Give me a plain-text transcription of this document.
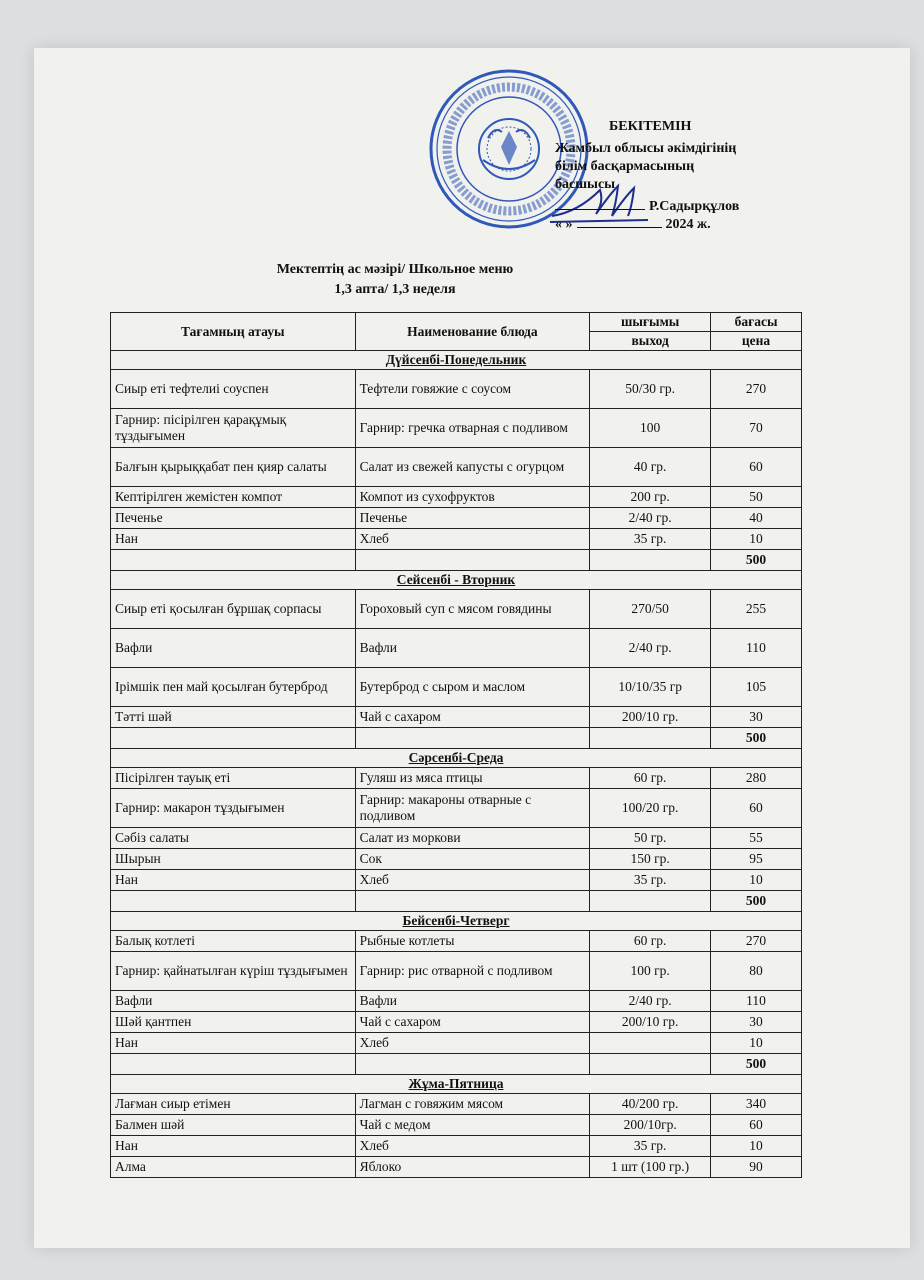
БЕКІТЕМІН
Жамбыл облысы әкімдігінің
білім басқармасының
басшысы
Р.Садырқұлов
« »	2024 ж.
Мектептің ас мәзірі/ Школьное меню
1,3 апта/ 1,3 неделя
Тағамның атауы	Наименование блюда	шығымы	бағасы
		выход	цена
Дүйсенбі-Понедельник			
Сиыр еті тефтелиі соуспен	Тефтели говяжие с соусом	50/30 гр.	270
Гарнир: пісірілген қарақұмық тұздығымен	Гарнир: гречка отварная с подливом	100	70
Балғын қырыққабат пен қияр салаты	Салат из свежей капусты с огурцом	40 гр.	60
Кептірілген жемістен компот	Компот из сухофруктов	200 гр.	50
Печенье	Печенье	2/40 гр.	40
Нан	Хлеб	35 гр.	10
			500
Сейсенбі - Вторник			
Сиыр еті қосылған бұршақ сорпасы	Гороховый суп с мясом говядины	270/50	255
Вафли	Вафли	2/40 гр.	110
Ірімшік пен май қосылған бутерброд	Бутерброд с сыром и маслом	10/10/35 гр	105
Тәтті шәй	Чай с сахаром	200/10 гр.	30
			500
Сәрсенбі-Среда			
Пісірілген тауық еті	Гуляш из мяса птицы	60 гр.	280
Гарнир: макарон тұздығымен	Гарнир: макароны отварные с подливом	100/20 гр.	60
Сәбіз салаты	Салат из моркови	50 гр.	55
Шырын	Сок	150 гр.	95
Нан	Хлеб	35 гр.	10
			500
Бейсенбі-Четверг			
Балық котлеті	Рыбные котлеты	60 гр.	270
Гарнир: қайнатылған күріш тұздығымен	Гарнир: рис отварной с подливом	100 гр.	80
Вафли	Вафли	2/40 гр.	110
Шәй қантпен	Чай с сахаром	200/10 гр.	30
Нан	Хлеб		10
			500
Жұма-Пятница			
Лағман сиыр етімен	Лагман с говяжим мясом	40/200 гр.	340
Балмен шәй	Чай с медом	200/10гр.	60
Нан	Хлеб	35 гр.	10
Алма	Яблоко	1 шт (100 гр.)	90
